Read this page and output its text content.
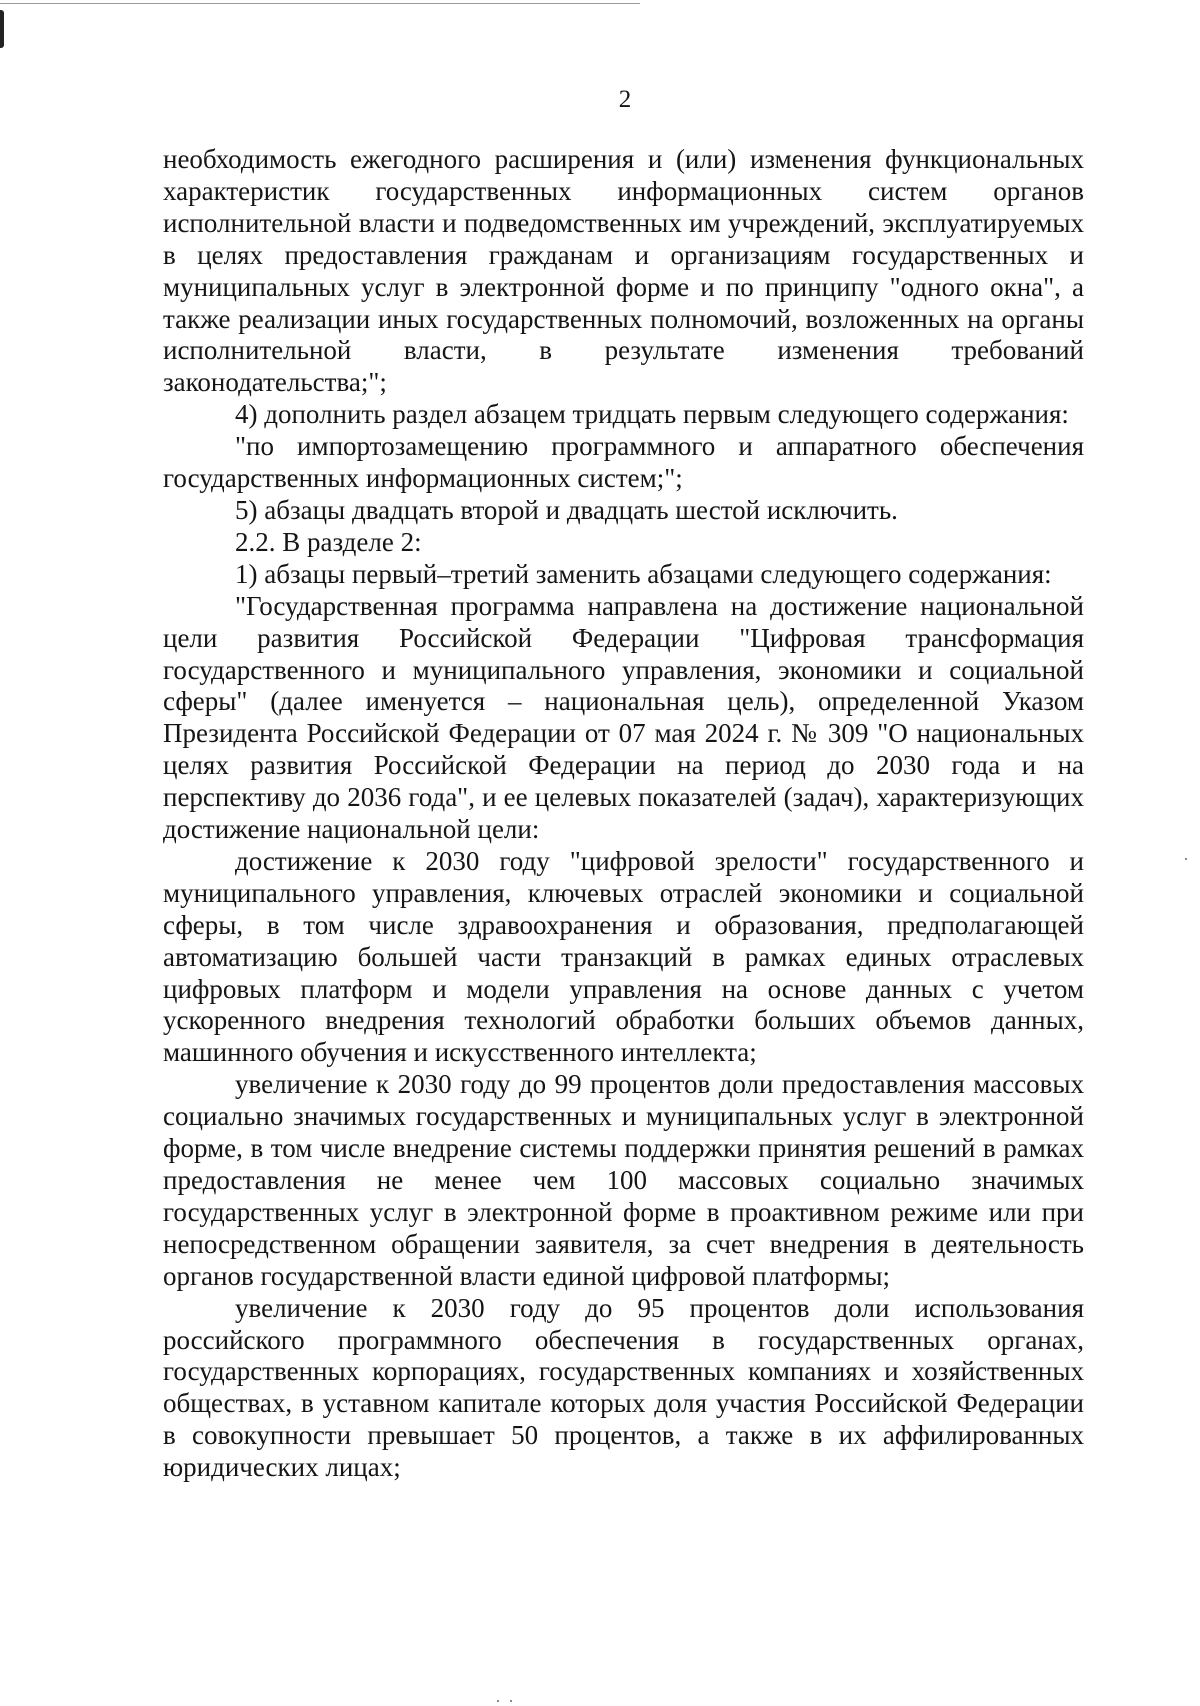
2

необходимость ежегодного расширения и (или) изменения функциональных характеристик государственных информационных систем органов исполнительной власти и подведомственных им учреждений, эксплуатируемых в целях предоставления гражданам и организациям государственных и муниципальных услуг в электронной форме и по принципу "одного окна", а также реализации иных государственных полномочий, возложенных на органы исполнительной власти, в результате изменения требований законодательства;";

4) дополнить раздел абзацем тридцать первым следующего содержания:

"по импортозамещению программного и аппаратного обеспечения государственных информационных систем;";

5) абзацы двадцать второй и двадцать шестой исключить.

2.2. В разделе 2:

1) абзацы первый–третий заменить абзацами следующего содержания:

"Государственная программа направлена на достижение национальной цели развития Российской Федерации "Цифровая трансформация государственного и муниципального управления, экономики и социальной сферы" (далее именуется – национальная цель), определенной Указом Президента Российской Федерации от 07 мая 2024 г. № 309 "О национальных целях развития Российской Федерации на период до 2030 года и на перспективу до 2036 года", и ее целевых показателей (задач), характеризующих достижение национальной цели:

достижение к 2030 году "цифровой зрелости" государственного и муниципального управления, ключевых отраслей экономики и социальной сферы, в том числе здравоохранения и образования, предполагающей автоматизацию большей части транзакций в рамках единых отраслевых цифровых платформ и модели управления на основе данных с учетом ускоренного внедрения технологий обработки больших объемов данных, машинного обучения и искусственного интеллекта;

увеличение к 2030 году до 99 процентов доли предоставления массовых социально значимых государственных и муниципальных услуг в электронной форме, в том числе внедрение системы поддержки принятия решений в рамках предоставления не менее чем 100 массовых социально значимых государственных услуг в электронной форме в проактивном режиме или при непосредственном обращении заявителя, за счет внедрения в деятельность органов государственной власти единой цифровой платформы;

увеличение к 2030 году до 95 процентов доли использования российского программного обеспечения в государственных органах, государственных корпорациях, государственных компаниях и хозяйственных обществах, в уставном капитале которых доля участия Российской Федерации в совокупности превышает 50 процентов, а также в их аффилированных юридических лицах;
